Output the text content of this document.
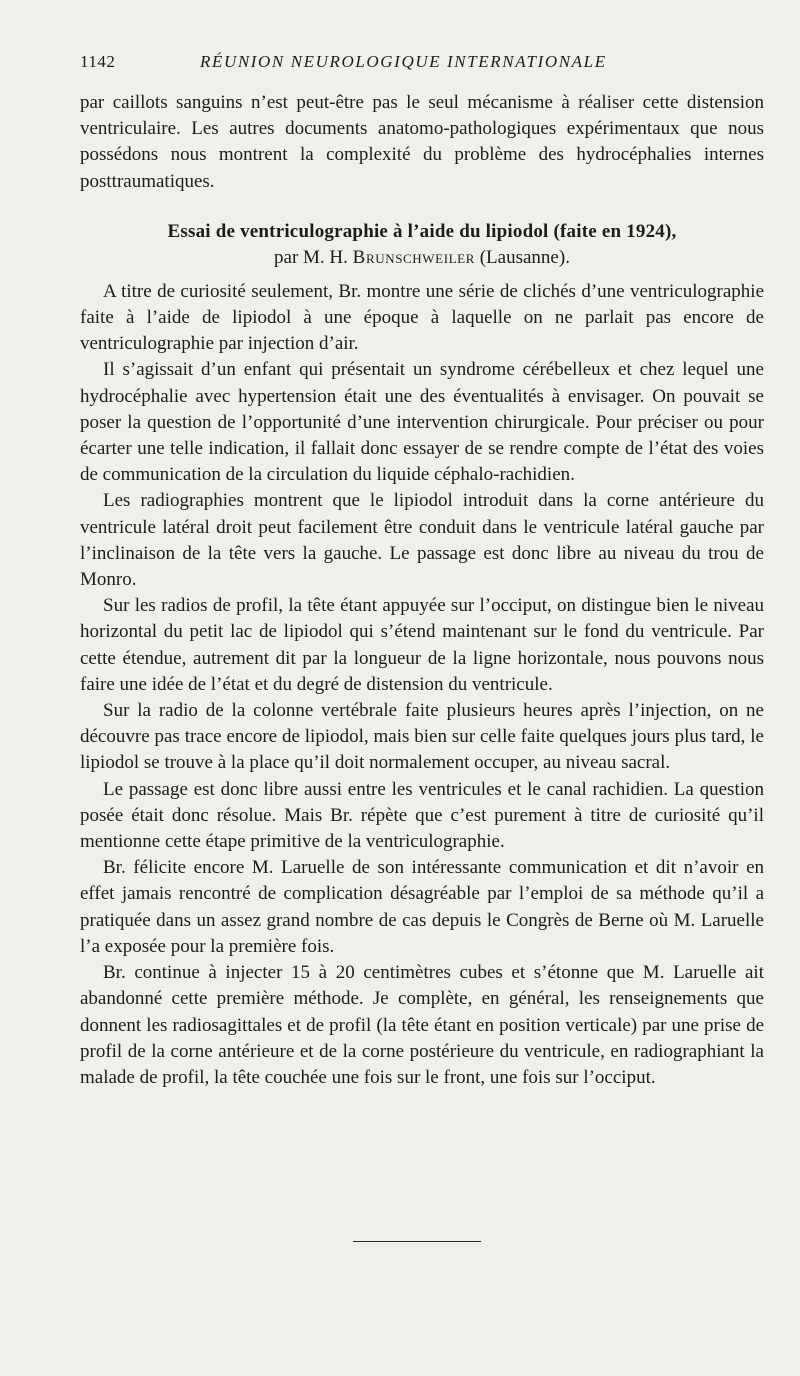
1142	RÉUNION NEUROLOGIQUE INTERNATIONALE

par caillots sanguins n’est peut-être pas le seul mécanisme à réaliser cette distension ventriculaire. Les autres documents anatomo-pathologiques expérimentaux que nous possédons nous montrent la complexité du problème des hydrocéphalies internes posttraumatiques.

Essai de ventriculographie à l’aide du lipiodol (faite en 1924),
par M. H. Brunschweiler (Lausanne).

A titre de curiosité seulement, Br. montre une série de clichés d’une ventriculographie faite à l’aide de lipiodol à une époque à laquelle on ne parlait pas encore de ventriculographie par injection d’air.

Il s’agissait d’un enfant qui présentait un syndrome cérébelleux et chez lequel une hydrocéphalie avec hypertension était une des éventualités à envisager. On pouvait se poser la question de l’opportunité d’une intervention chirurgicale. Pour préciser ou pour écarter une telle indication, il fallait donc essayer de se rendre compte de l’état des voies de communication de la circulation du liquide céphalo-rachidien.

Les radiographies montrent que le lipiodol introduit dans la corne antérieure du ventricule latéral droit peut facilement être conduit dans le ventricule latéral gauche par l’inclinaison de la tête vers la gauche. Le passage est donc libre au niveau du trou de Monro.

Sur les radios de profil, la tête étant appuyée sur l’occiput, on distingue bien le niveau horizontal du petit lac de lipiodol qui s’étend maintenant sur le fond du ventricule. Par cette étendue, autrement dit par la longueur de la ligne horizontale, nous pouvons nous faire une idée de l’état et du degré de distension du ventricule.

Sur la radio de la colonne vertébrale faite plusieurs heures après l’injection, on ne découvre pas trace encore de lipiodol, mais bien sur celle faite quelques jours plus tard, le lipiodol se trouve à la place qu’il doit normalement occuper, au niveau sacral.

Le passage est donc libre aussi entre les ventricules et le canal rachidien. La question posée était donc résolue. Mais Br. répète que c’est purement à titre de curiosité qu’il mentionne cette étape primitive de la ventriculographie.

Br. félicite encore M. Laruelle de son intéressante communication et dit n’avoir en effet jamais rencontré de complication désagréable par l’emploi de sa méthode qu’il a pratiquée dans un assez grand nombre de cas depuis le Congrès de Berne où M. Laruelle l’a exposée pour la première fois.

Br. continue à injecter 15 à 20 centimètres cubes et s’étonne que M. Laruelle ait abandonné cette première méthode. Je complète, en général, les renseignements que donnent les radiosagittales et de profil (la tête étant en position verticale) par une prise de profil de la corne antérieure et de la corne postérieure du ventricule, en radiographiant la malade de profil, la tête couchée une fois sur le front, une fois sur l’occiput.
